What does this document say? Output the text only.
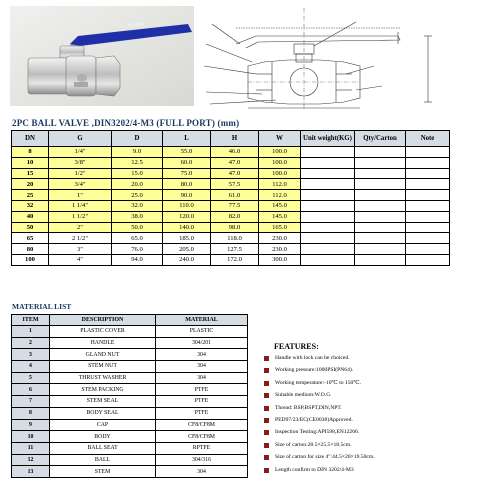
CE 0038
2PC BALL VALVE ,DIN3202/4-M3 (FULL PORT) (mm)
DN	G	D	L	H	W	Unit weight(KG)	Qty/Carton	Note
8	1/4"	9.0	55.0	46.0	100.0			
10	3/8"	12.5	60.0	47.0	100.0			
15	1/2"	15.0	75.0	47.0	100.0			
20	3/4"	20.0	80.0	57.5	112.0			
25	1"	25.0	90.0	61.0	112.0			
32	1 1/4"	32.0	110.0	77.5	145.0			
40	1 1/2"	38.0	120.0	82.0	145.0			
50	2"	50.0	140.0	98.0	165.0			
65	2 1/2"	65.0	185.0	118.0	230.0			
80	3"	76.0	205.0	127.5	230.0			
100	4"	94.0	240.0	172.0	300.0			
MATERIAL LIST
ITEM	DESCRIPTION	MATERIAL
1	PLASTIC COVER	PLASTIC
2	HANDLE	304/201
3	GLAND NUT	304
4	STEM NUT	304
5	THRUST WASHER	304
6	STEM PACKING	PTFE
7	STEM SEAL	PTFE
8	BODY SEAL	PTFE
9	CAP	CF8/CF8M
10	BODY	CF8/CF8M
11	BALL SEAT	RPTFE
12	BALL	304/316
13	STEM	304
FEATURES:
Handle with lock can be choiced.
Working pressure:1000PSI(PN64).
Working temperature:-10℃ to 150℃.
Suitable medium:W.O.G.
Thread: BSP,BSPT,DIN,NPT.
PED97/23/EC(CE0038)Approved.
Inspection Testing:API598,EN12266.
Size of carton:28.5×25.5×18.5cm.
Size of carton for size 4":44.5×28×19.50cm.
Length confirm to DIN 3202/4-M3
